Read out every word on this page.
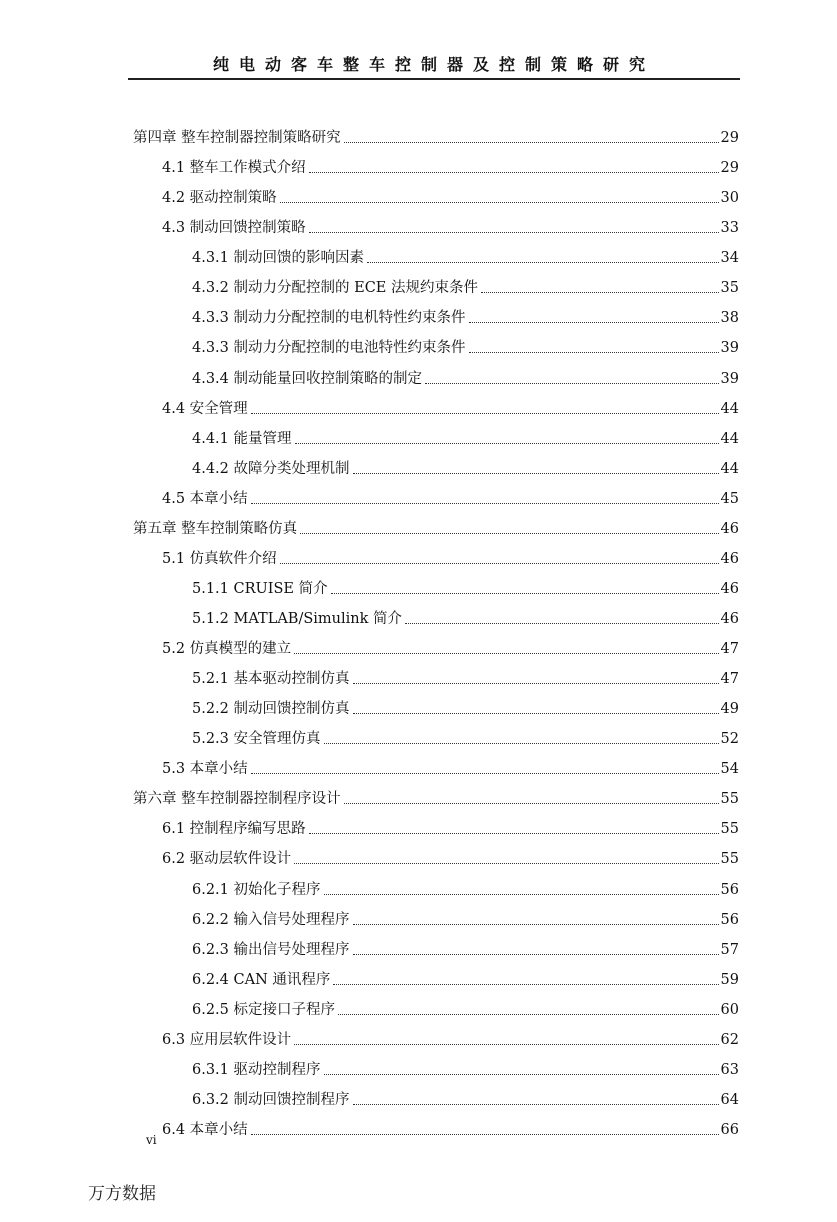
纯电动客车整车控制器及控制策略研究
第四章 整车控制器控制策略研究	29
4.1 整车工作模式介绍	29
4.2 驱动控制策略	30
4.3 制动回馈控制策略	33
4.3.1 制动回馈的影响因素	34
4.3.2 制动力分配控制的 ECE 法规约束条件	35
4.3.3 制动力分配控制的电机特性约束条件	38
4.3.3 制动力分配控制的电池特性约束条件	39
4.3.4 制动能量回收控制策略的制定	39
4.4 安全管理	44
4.4.1 能量管理	44
4.4.2 故障分类处理机制	44
4.5 本章小结	45
第五章 整车控制策略仿真	46
5.1 仿真软件介绍	46
5.1.1 CRUISE 简介	46
5.1.2 MATLAB/Simulink 简介	46
5.2 仿真模型的建立	47
5.2.1 基本驱动控制仿真	47
5.2.2 制动回馈控制仿真	49
5.2.3 安全管理仿真	52
5.3 本章小结	54
第六章 整车控制器控制程序设计	55
6.1 控制程序编写思路	55
6.2 驱动层软件设计	55
6.2.1 初始化子程序	56
6.2.2 输入信号处理程序	56
6.2.3 输出信号处理程序	57
6.2.4 CAN 通讯程序	59
6.2.5 标定接口子程序	60
6.3 应用层软件设计	62
6.3.1 驱动控制程序	63
6.3.2 制动回馈控制程序	64
6.4 本章小结	66
vi
万方数据
